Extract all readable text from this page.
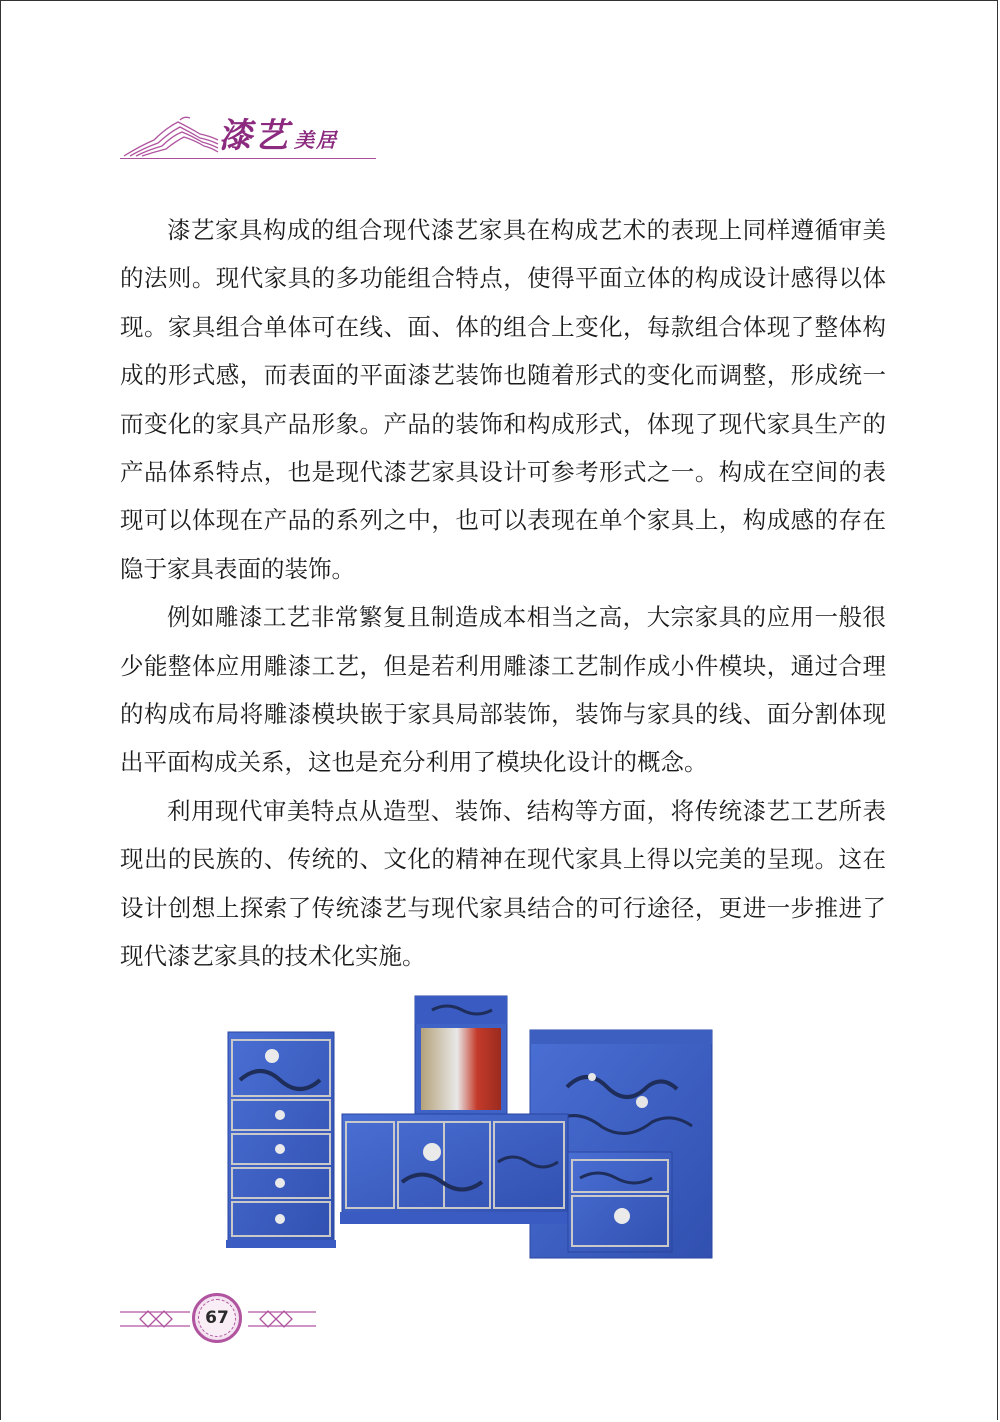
漆艺 美居

漆艺家具构成的组合现代漆艺家具在构成艺术的表现上同样遵循审美的法则。现代家具的多功能组合特点，使得平面立体的构成设计感得以体现。家具组合单体可在线、面、体的组合上变化，每款组合体现了整体构成的形式感，而表面的平面漆艺装饰也随着形式的变化而调整，形成统一而变化的家具产品形象。产品的装饰和构成形式，体现了现代家具生产的产品体系特点，也是现代漆艺家具设计可参考形式之一。构成在空间的表现可以体现在产品的系列之中，也可以表现在单个家具上，构成感的存在隐于家具表面的装饰。

例如雕漆工艺非常繁复且制造成本相当之高，大宗家具的应用一般很少能整体应用雕漆工艺，但是若利用雕漆工艺制作成小件模块，通过合理的构成布局将雕漆模块嵌于家具局部装饰，装饰与家具的线、面分割体现出平面构成关系，这也是充分利用了模块化设计的概念。

利用现代审美特点从造型、装饰、结构等方面，将传统漆艺工艺所表现出的民族的、传统的、文化的精神在现代家具上得以完美的呈现。这在设计创想上探索了传统漆艺与现代家具结合的可行途径，更进一步推进了现代漆艺家具的技术化实施。

67
